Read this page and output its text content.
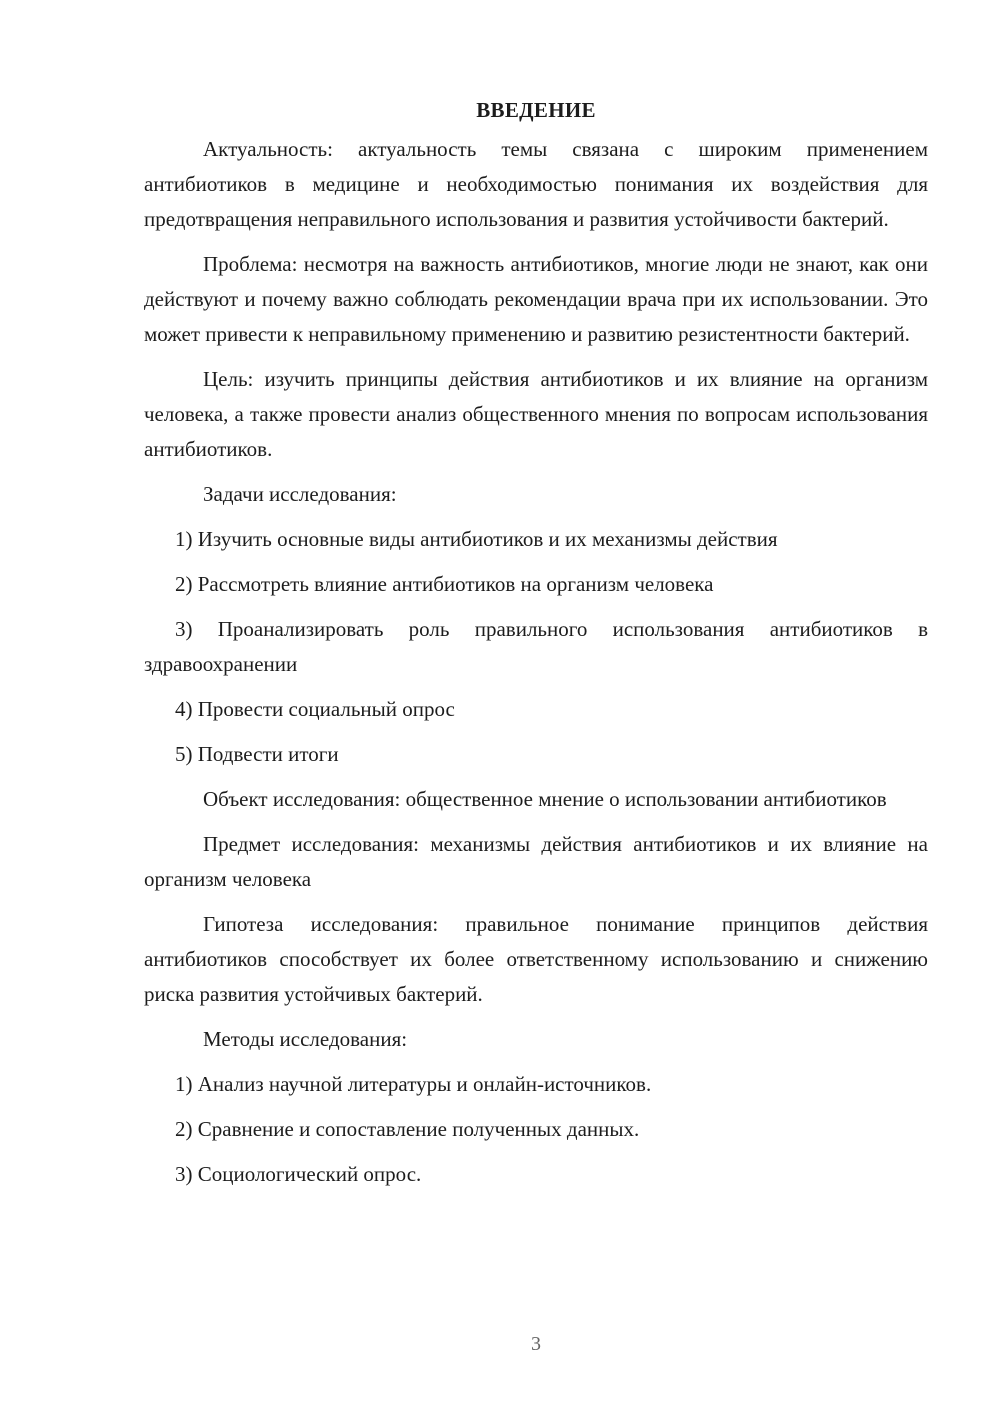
ВВЕДЕНИЕ

Актуальность: актуальность темы связана с широким применением антибиотиков в медицине и необходимостью понимания их воздействия для предотвращения неправильного использования и развития устойчивости бактерий.

Проблема: несмотря на важность антибиотиков, многие люди не знают, как они действуют и почему важно соблюдать рекомендации врача при их использовании. Это может привести к неправильному применению и развитию резистентности бактерий.

Цель: изучить принципы действия антибиотиков и их влияние на организм человека, а также провести анализ общественного мнения по вопросам использования антибиотиков.

Задачи исследования:

1) Изучить основные виды антибиотиков и их механизмы действия

2) Рассмотреть влияние антибиотиков на организм человека

3) Проанализировать роль правильного использования антибиотиков в здравоохранении

4) Провести социальный опрос

5) Подвести итоги

Объект исследования: общественное мнение о использовании антибиотиков

Предмет исследования: механизмы действия антибиотиков и их влияние на организм человека

Гипотеза исследования: правильное понимание принципов действия антибиотиков способствует их более ответственному использованию и снижению риска развития устойчивых бактерий.

Методы исследования:

1) Анализ научной литературы и онлайн-источников.

2) Сравнение и сопоставление полученных данных.

3) Социологический опрос.

3
